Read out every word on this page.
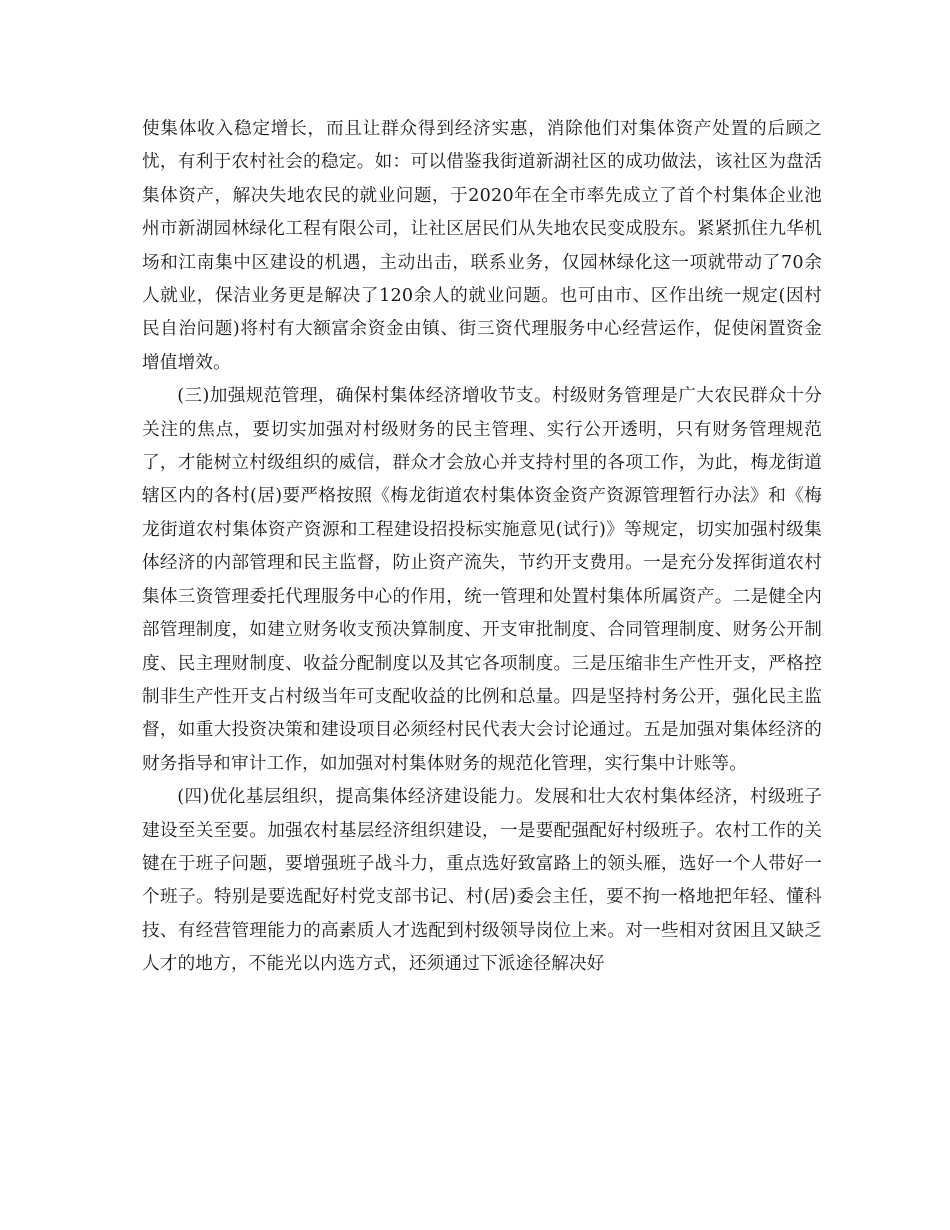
使集体收入稳定增长，而且让群众得到经济实惠，消除他们对集体资产处置的后顾之忧，有利于农村社会的稳定。如：可以借鉴我街道新湖社区的成功做法，该社区为盘活集体资产，解决失地农民的就业问题，于2020年在全市率先成立了首个村集体企业池州市新湖园林绿化工程有限公司，让社区居民们从失地农民变成股东。紧紧抓住九华机场和江南集中区建设的机遇，主动出击，联系业务，仅园林绿化这一项就带动了70余人就业，保洁业务更是解决了120余人的就业问题。也可由市、区作出统一规定(因村民自治问题)将村有大额富余资金由镇、街三资代理服务中心经营运作，促使闲置资金增值增效。

(三)加强规范管理，确保村集体经济增收节支。村级财务管理是广大农民群众十分关注的焦点，要切实加强对村级财务的民主管理、实行公开透明，只有财务管理规范了，才能树立村级组织的威信，群众才会放心并支持村里的各项工作，为此，梅龙街道辖区内的各村(居)要严格按照《梅龙街道农村集体资金资产资源管理暂行办法》和《梅龙街道农村集体资产资源和工程建设招投标实施意见(试行)》等规定，切实加强村级集体经济的内部管理和民主监督，防止资产流失，节约开支费用。一是充分发挥街道农村集体三资管理委托代理服务中心的作用，统一管理和处置村集体所属资产。二是健全内部管理制度，如建立财务收支预决算制度、开支审批制度、合同管理制度、财务公开制度、民主理财制度、收益分配制度以及其它各项制度。三是压缩非生产性开支，严格控制非生产性开支占村级当年可支配收益的比例和总量。四是坚持村务公开，强化民主监督，如重大投资决策和建设项目必须经村民代表大会讨论通过。五是加强对集体经济的财务指导和审计工作，如加强对村集体财务的规范化管理，实行集中计账等。

(四)优化基层组织，提高集体经济建设能力。发展和壮大农村集体经济，村级班子建设至关至要。加强农村基层经济组织建设，一是要配强配好村级班子。农村工作的关键在于班子问题，要增强班子战斗力，重点选好致富路上的领头雁，选好一个人带好一个班子。特别是要选配好村党支部书记、村(居)委会主任，要不拘一格地把年轻、懂科技、有经营管理能力的高素质人才选配到村级领导岗位上来。对一些相对贫困且又缺乏人才的地方，不能光以内选方式，还须通过下派途径解决好
